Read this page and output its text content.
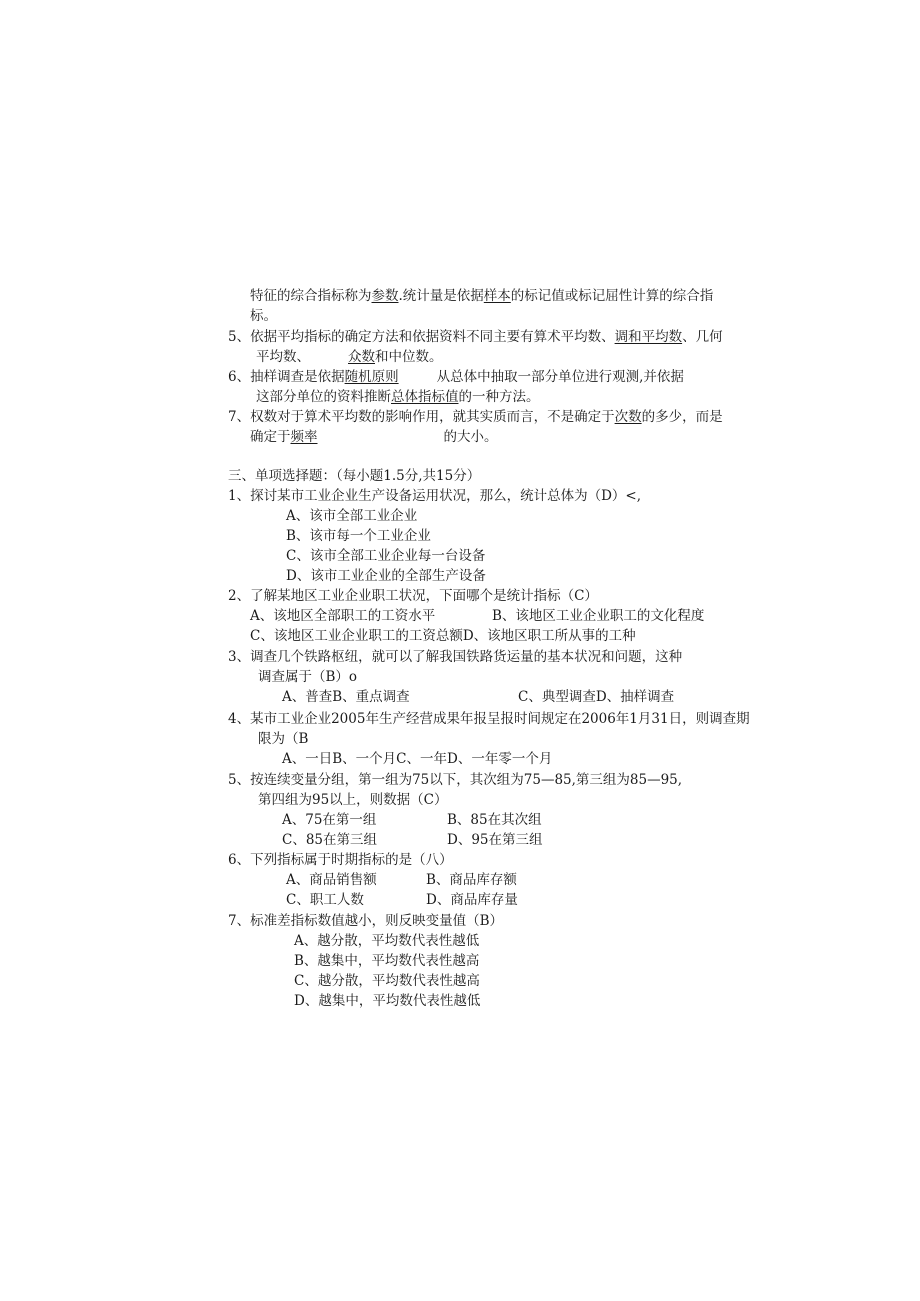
特征的综合指标称为参数.统计量是依据样本的标记值或标记屈性计算的综合指
标。
5、依据平均指标的确定方法和依据资料不同主要有算术平均数、调和平均数、几何
平均数、	众数和中位数。
6、抽样调查是依据随机原则	从总体中抽取一部分单位进行观测,并依据
这部分单位的资料推断总体指标值的一种方法。
7、权数对于算术平均数的影响作用，就其实质而言，不是确定于次数的多少，而是
确定于频率	的大小。
三、单项选择题：（每小题1.5分,共15分）
1、探讨某市工业企业生产设备运用状况，那么，统计总体为（D）<,
A、该市全部工业企业
B、该市每一个工业企业
C、该市全部工业企业每一台设备
D、该市工业企业的全部生产设备
2、了解某地区工业企业职工状况，下面哪个是统计指标（C）
A、该地区全部职工的工资水平	B、该地区工业企业职工的文化程度
C、该地区工业企业职工的工资总额D、该地区职工所从事的工种
3、调查几个铁路枢纽，就可以了解我国铁路货运量的基本状况和问题，这种
调查属于（B）o
A、普查B、重点调查	C、典型调查D、抽样调查
4、某市工业企业2005年生产经营成果年报呈报时间规定在2006年1月31日，则调查期
限为（B
A、一日B、一个月C、一年D、一年零一个月
5、按连续变量分组，第一组为75以下，其次组为75—85,第三组为85—95,
第四组为95以上，则数据（C）
A、75在第一组	B、85在其次组
C、85在第三组	D、95在第三组
6、下列指标属于时期指标的是（八）
A、商品销售额	B、商品库存额
C、职工人数	D、商品库存量
7、标准差指标数值越小，则反映变量值（B）
A、越分散，平均数代表性越低
B、越集中，平均数代表性越高
C、越分散，平均数代表性越高
D、越集中，平均数代表性越低
